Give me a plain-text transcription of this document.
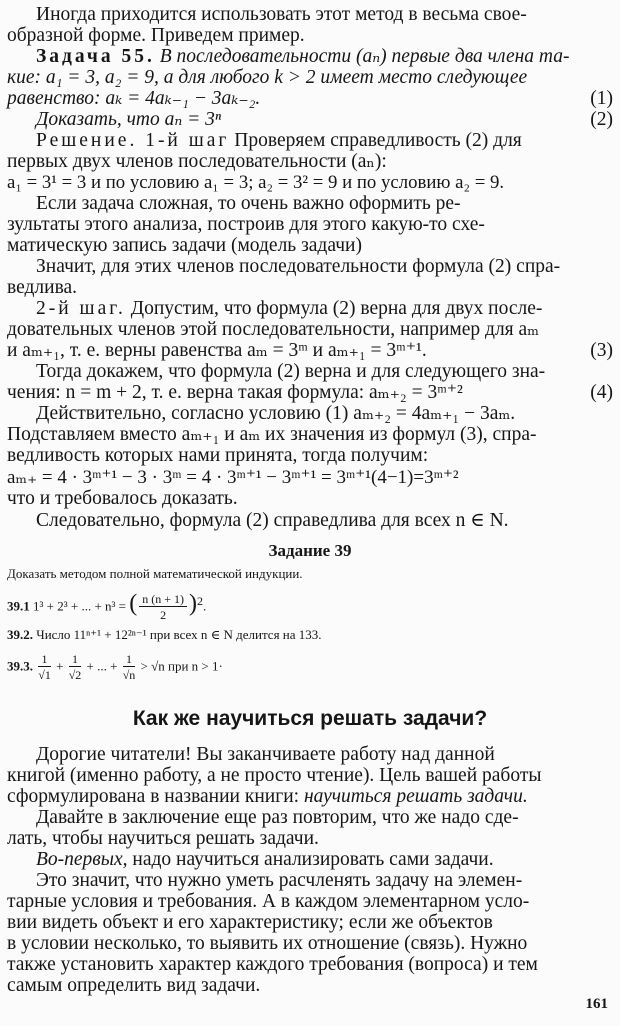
Иногда приходится использовать этот метод в весьма свое-
образной форме. Приведем пример.
Задача 55. В последовательности (aₙ) первые два члена та-
кие: a₁ = 3, a₂ = 9, а для любого k > 2 имеет место следующее
равенство: aₖ = 4aₖ₋₁ − 3aₖ₋₂.	(1)
Доказать, что aₙ = 3ⁿ	(2)
Решение. 1-й шаг Проверяем справедливость (2) для
первых двух членов последовательности (aₙ):
a₁ = 3¹ = 3 и по условию a₁ = 3; a₂ = 3² = 9 и по условию a₂ = 9.
Если задача сложная, то очень важно оформить ре-
зультаты этого анализа, построив для этого какую-то схе-
матическую запись задачи (модель задачи)
Значит, для этих членов последовательности формула (2) спра-
ведлива.
2-й шаг. Допустим, что формула (2) верна для двух после-
довательных членов этой последовательности, например для aₘ
и aₘ₊₁, т. е. верны равенства aₘ = 3ᵐ и aₘ₊₁ = 3ᵐ⁺¹.	(3)
Тогда докажем, что формула (2) верна и для следующего зна-
чения: n = m + 2, т. е. верна такая формула: aₘ₊₂ = 3ᵐ⁺²	(4)
Действительно, согласно условию (1) aₘ₊₂ = 4aₘ₊₁ − 3aₘ.
Подставляем вместо aₘ₊₁ и aₘ их значения из формул (3), спра-
ведливость которых нами принята, тогда получим:
aₘ₊ = 4 · 3ᵐ⁺¹ − 3 · 3ᵐ = 4 · 3ᵐ⁺¹ − 3ᵐ⁺¹ = 3ᵐ⁺¹(4−1)=3ᵐ⁺²
что и требовалось доказать.
Следовательно, формула (2) справедлива для всех n ∈ N.
Задание 39
Доказать методом полной математической индукции.
39.1 1³ + 2³ + ... + n³ = ( $\frac{n (n + 1)}{2} )^2$.
39.2. Число 11ⁿ⁺¹ + 12²ⁿ⁻¹ при всех n ∈ N делится на 133.
39.3. $\frac{1}{√1} + \frac{1}{√2}$ + ... + $\frac{1}{√n} > √n$ при n > 1·
Как же научиться решать задачи?
Дорогие читатели! Вы заканчиваете работу над данной
книгой (именно работу, а не просто чтение). Цель вашей работы
сформулирована в названии книги: научиться решать задачи.
Давайте в заключение еще раз повторим, что же надо сде-
лать, чтобы научиться решать задачи.
Во-первых, надо научиться анализировать сами задачи.
Это значит, что нужно уметь расчленять задачу на элемен-
тарные условия и требования. А в каждом элементарном усло-
вии видеть объект и его характеристику; если же объектов
в условии несколько, то выявить их отношение (связь). Нужно
также установить характер каждого требования (вопроса) и тем
самым определить вид задачи.
161
